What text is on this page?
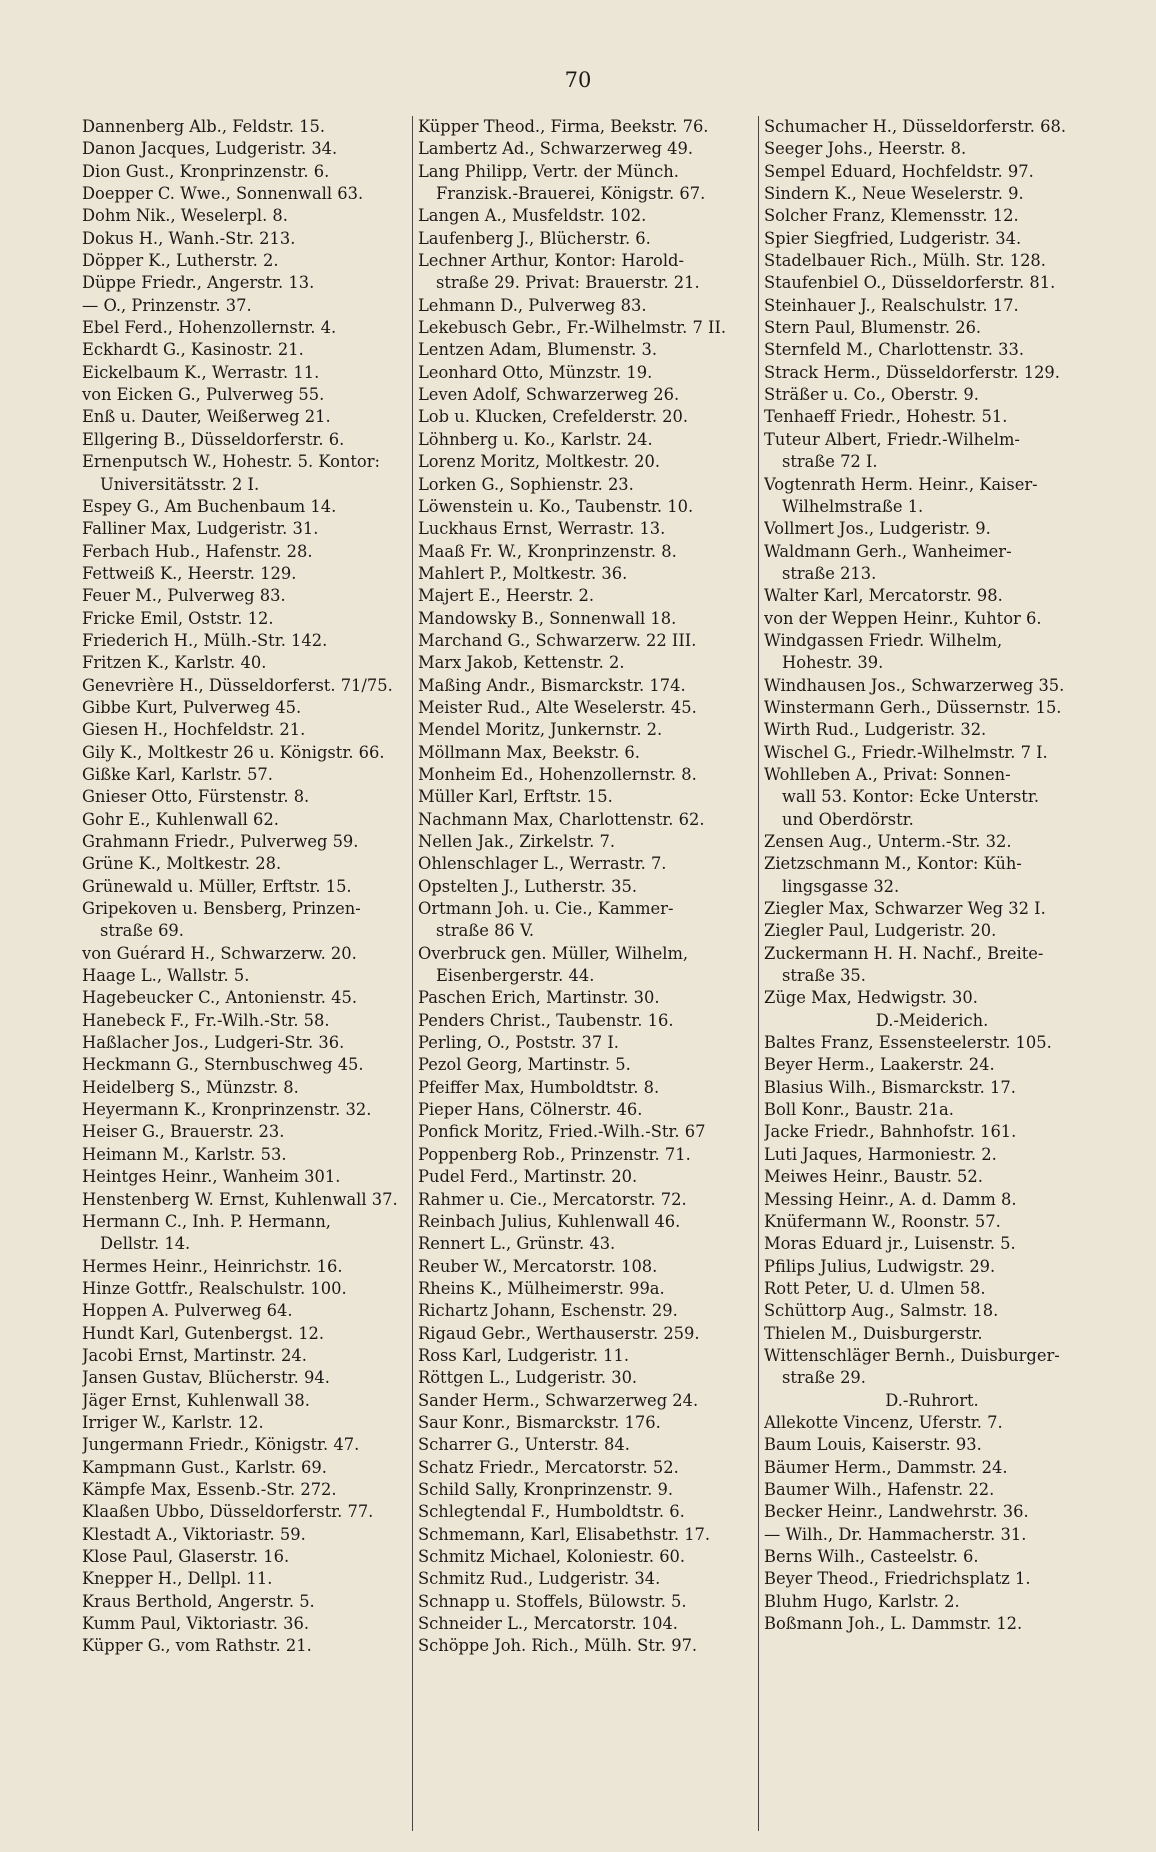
70
Dannenberg Alb., Feldstr. 15.
Danon Jacques, Ludgeristr. 34.
Dion Gust., Kronprinzenstr. 6.
Doepper C. Wwe., Sonnenwall 63.
Dohm Nik., Weselerpl. 8.
Dokus H., Wanh.-Str. 213.
Döpper K., Lutherstr. 2.
Düppe Friedr., Angerstr. 13.
— O., Prinzenstr. 37.
Ebel Ferd., Hohenzollernstr. 4.
Eckhardt G., Kasinostr. 21.
Eickelbaum K., Werrastr. 11.
von Eicken G., Pulverweg 55.
Enß u. Dauter, Weißerweg 21.
Ellgering B., Düsseldorferstr. 6.
Ernenputsch W., Hohestr. 5. Kontor:
Universitätsstr. 2 I.
Espey G., Am Buchenbaum 14.
Falliner Max, Ludgeristr. 31.
Ferbach Hub., Hafenstr. 28.
Fettweiß K., Heerstr. 129.
Feuer M., Pulverweg 83.
Fricke Emil, Oststr. 12.
Friederich H., Mülh.-Str. 142.
Fritzen K., Karlstr. 40.
Genevrière H., Düsseldorferst. 71/75.
Gibbe Kurt, Pulverweg 45.
Giesen H., Hochfeldstr. 21.
Gily K., Moltkestr 26 u. Königstr. 66.
Gißke Karl, Karlstr. 57.
Gnieser Otto, Fürstenstr. 8.
Gohr E., Kuhlenwall 62.
Grahmann Friedr., Pulverweg 59.
Grüne K., Moltkestr. 28.
Grünewald u. Müller, Erftstr. 15.
Gripekoven u. Bensberg, Prinzen-
straße 69.
von Guérard H., Schwarzerw. 20.
Haage L., Wallstr. 5.
Hagebeucker C., Antonienstr. 45.
Hanebeck F., Fr.-Wilh.-Str. 58.
Haßlacher Jos., Ludgeri-Str. 36.
Heckmann G., Sternbuschweg 45.
Heidelberg S., Münzstr. 8.
Heyermann K., Kronprinzenstr. 32.
Heiser G., Brauerstr. 23.
Heimann M., Karlstr. 53.
Heintges Heinr., Wanheim 301.
Henstenberg W. Ernst, Kuhlenwall 37.
Hermann C., Inh. P. Hermann,
Dellstr. 14.
Hermes Heinr., Heinrichstr. 16.
Hinze Gottfr., Realschulstr. 100.
Hoppen A. Pulverweg 64.
Hundt Karl, Gutenbergst. 12.
Jacobi Ernst, Martinstr. 24.
Jansen Gustav, Blücherstr. 94.
Jäger Ernst, Kuhlenwall 38.
Irriger W., Karlstr. 12.
Jungermann Friedr., Königstr. 47.
Kampmann Gust., Karlstr. 69.
Kämpfe Max, Essenb.-Str. 272.
Klaaßen Ubbo, Düsseldorferstr. 77.
Klestadt A., Viktoriastr. 59.
Klose Paul, Glaserstr. 16.
Knepper H., Dellpl. 11.
Kraus Berthold, Angerstr. 5.
Kumm Paul, Viktoriastr. 36.
Küpper G., vom Rathstr. 21.
Küpper Theod., Firma, Beekstr. 76.
Lambertz Ad., Schwarzerweg 49.
Lang Philipp, Vertr. der Münch.
Franzisk.-Brauerei, Königstr. 67.
Langen A., Musfeldstr. 102.
Laufenberg J., Blücherstr. 6.
Lechner Arthur, Kontor: Harold-
straße 29. Privat: Brauerstr. 21.
Lehmann D., Pulverweg 83.
Lekebusch Gebr., Fr.-Wilhelmstr. 7 II.
Lentzen Adam, Blumenstr. 3.
Leonhard Otto, Münzstr. 19.
Leven Adolf, Schwarzerweg 26.
Lob u. Klucken, Crefelderstr. 20.
Löhnberg u. Ko., Karlstr. 24.
Lorenz Moritz, Moltkestr. 20.
Lorken G., Sophienstr. 23.
Löwenstein u. Ko., Taubenstr. 10.
Luckhaus Ernst, Werrastr. 13.
Maaß Fr. W., Kronprinzenstr. 8.
Mahlert P., Moltkestr. 36.
Majert E., Heerstr. 2.
Mandowsky B., Sonnenwall 18.
Marchand G., Schwarzerw. 22 III.
Marx Jakob, Kettenstr. 2.
Maßing Andr., Bismarckstr. 174.
Meister Rud., Alte Weselerstr. 45.
Mendel Moritz, Junkernstr. 2.
Möllmann Max, Beekstr. 6.
Monheim Ed., Hohenzollernstr. 8.
Müller Karl, Erftstr. 15.
Nachmann Max, Charlottenstr. 62.
Nellen Jak., Zirkelstr. 7.
Ohlenschlager L., Werrastr. 7.
Opstelten J., Lutherstr. 35.
Ortmann Joh. u. Cie., Kammer-
straße 86 V.
Overbruck gen. Müller, Wilhelm,
Eisenbergerstr. 44.
Paschen Erich, Martinstr. 30.
Penders Christ., Taubenstr. 16.
Perling, O., Poststr. 37 I.
Pezol Georg, Martinstr. 5.
Pfeiffer Max, Humboldtstr. 8.
Pieper Hans, Cölnerstr. 46.
Ponfick Moritz, Fried.-Wilh.-Str. 67
Poppenberg Rob., Prinzenstr. 71.
Pudel Ferd., Martinstr. 20.
Rahmer u. Cie., Mercatorstr. 72.
Reinbach Julius, Kuhlenwall 46.
Rennert L., Grünstr. 43.
Reuber W., Mercatorstr. 108.
Rheins K., Mülheimerstr. 99a.
Richartz Johann, Eschenstr. 29.
Rigaud Gebr., Werthauserstr. 259.
Ross Karl, Ludgeristr. 11.
Röttgen L., Ludgeristr. 30.
Sander Herm., Schwarzerweg 24.
Saur Konr., Bismarckstr. 176.
Scharrer G., Unterstr. 84.
Schatz Friedr., Mercatorstr. 52.
Schild Sally, Kronprinzenstr. 9.
Schlegtendal F., Humboldtstr. 6.
Schmemann, Karl, Elisabethstr. 17.
Schmitz Michael, Koloniestr. 60.
Schmitz Rud., Ludgeristr. 34.
Schnapp u. Stoffels, Bülowstr. 5.
Schneider L., Mercatorstr. 104.
Schöppe Joh. Rich., Mülh. Str. 97.
Schumacher H., Düsseldorferstr. 68.
Seeger Johs., Heerstr. 8.
Sempel Eduard, Hochfeldstr. 97.
Sindern K., Neue Weselerstr. 9.
Solcher Franz, Klemensstr. 12.
Spier Siegfried, Ludgeristr. 34.
Stadelbauer Rich., Mülh. Str. 128.
Staufenbiel O., Düsseldorferstr. 81.
Steinhauer J., Realschulstr. 17.
Stern Paul, Blumenstr. 26.
Sternfeld M., Charlottenstr. 33.
Strack Herm., Düsseldorferstr. 129.
Sträßer u. Co., Oberstr. 9.
Tenhaeff Friedr., Hohestr. 51.
Tuteur Albert, Friedr.-Wilhelm-
straße 72 I.
Vogtenrath Herm. Heinr., Kaiser-
Wilhelmstraße 1.
Vollmert Jos., Ludgeristr. 9.
Waldmann Gerh., Wanheimer-
straße 213.
Walter Karl, Mercatorstr. 98.
von der Weppen Heinr., Kuhtor 6.
Windgassen Friedr. Wilhelm,
Hohestr. 39.
Windhausen Jos., Schwarzerweg 35.
Winstermann Gerh., Düssernstr. 15.
Wirth Rud., Ludgeristr. 32.
Wischel G., Friedr.-Wilhelmstr. 7 I.
Wohlleben A., Privat: Sonnen-
wall 53. Kontor: Ecke Unterstr.
und Oberdörstr.
Zensen Aug., Unterm.-Str. 32.
Zietzschmann M., Kontor: Küh-
lingsgasse 32.
Ziegler Max, Schwarzer Weg 32 I.
Ziegler Paul, Ludgeristr. 20.
Zuckermann H. H. Nachf., Breite-
straße 35.
Züge Max, Hedwigstr. 30.
D.-Meiderich.
Baltes Franz, Essensteelerstr. 105.
Beyer Herm., Laakerstr. 24.
Blasius Wilh., Bismarckstr. 17.
Boll Konr., Baustr. 21a.
Jacke Friedr., Bahnhofstr. 161.
Luti Jaques, Harmoniestr. 2.
Meiwes Heinr., Baustr. 52.
Messing Heinr., A. d. Damm 8.
Knüfermann W., Roonstr. 57.
Moras Eduard jr., Luisenstr. 5.
Pfilips Julius, Ludwigstr. 29.
Rott Peter, U. d. Ulmen 58.
Schüttorp Aug., Salmstr. 18.
Thielen M., Duisburgerstr.
Wittenschläger Bernh., Duisburger-
straße 29.
D.-Ruhrort.
Allekotte Vincenz, Uferstr. 7.
Baum Louis, Kaiserstr. 93.
Bäumer Herm., Dammstr. 24.
Baumer Wilh., Hafenstr. 22.
Becker Heinr., Landwehrstr. 36.
— Wilh., Dr. Hammacherstr. 31.
Berns Wilh., Casteelstr. 6.
Beyer Theod., Friedrichsplatz 1.
Bluhm Hugo, Karlstr. 2.
Boßmann Joh., L. Dammstr. 12.
